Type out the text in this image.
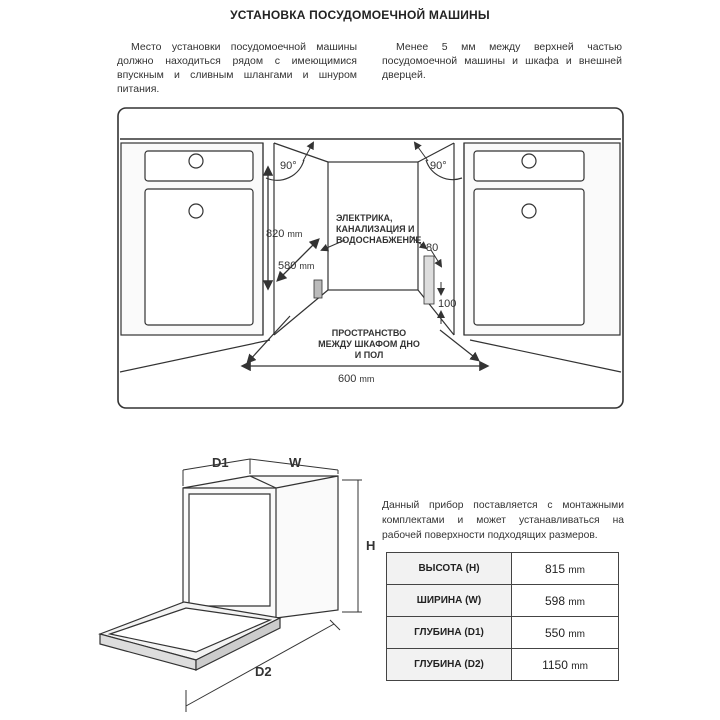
УСТАНОВКА ПОСУДОМОЕЧНОЙ МАШИНЫ
Место установки посудомоечной машины должно находиться рядом с имеющимися впускным и сливным шлангами и шнуром питания.
Менее 5 мм между верхней частью посудомоечной машины и шкафа и внешней дверцей.
90°	90°
820 mm
580 mm
600 mm
80
100
ЭЛЕКТРИКА, КАНАЛИЗАЦИЯ И ВОДОСНАБЖЕНИЕ
ПРОСТРАНСТВО МЕЖДУ ШКАФОМ ДНО И ПОЛ
D1	W
H
D2
Данный прибор поставляется с монтажными комплектами и может устанавливаться на рабочей поверхности подходящих размеров.
ВЫСОТА (H)	815 mm
ШИРИНА (W)	598 mm
ГЛУБИНА (D1)	550 mm
ГЛУБИНА (D2)	1150 mm
